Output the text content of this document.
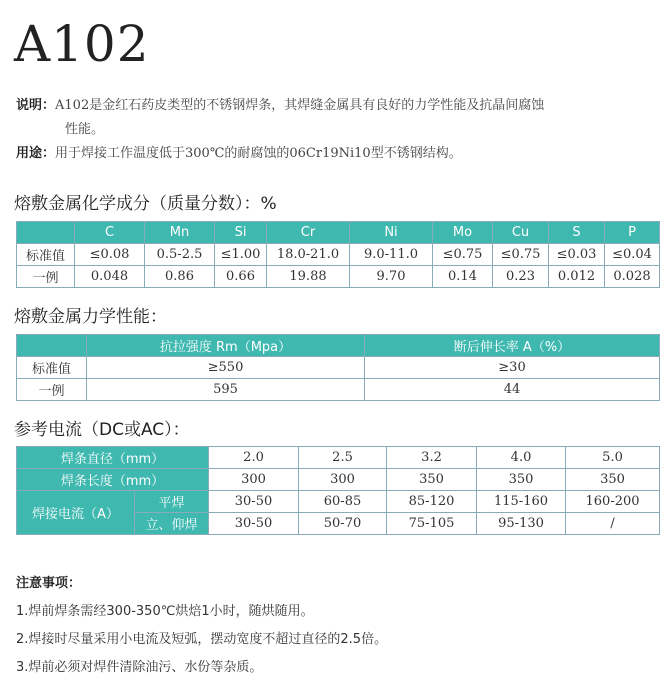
A102
说明：A102是金红石药皮类型的不锈钢焊条，其焊缝金属具有良好的力学性能及抗晶间腐蚀
性能。
用途：用于焊接工作温度低于300℃的耐腐蚀的06Cr19Ni10型不锈钢结构。
熔敷金属化学成分（质量分数）：%
	C	Mn	Si	Cr	Ni	Mo	Cu	S	P
标准值	≤0.08	0.5-2.5	≤1.00	18.0-21.0	9.0-11.0	≤0.75	≤0.75	≤0.03	≤0.04
一例	0.048	0.86	0.66	19.88	9.70	0.14	0.23	0.012	0.028
熔敷金属力学性能：
	抗拉强度 Rm（Mpa）	断后伸长率 A（%）
标准值	≥550	≥30
一例	595	44
参考电流（DC或AC）：
焊条直径（mm）		2.0	2.5	3.2	4.0	5.0
焊条长度（mm）		300	300	350	350	350
焊接电流（A）	平焊	30-50	60-85	85-120	115-160	160-200
	立、仰焊	30-50	50-70	75-105	95-130	/
注意事项：
1.焊前焊条需经300-350℃烘焙1小时，随烘随用。
2.焊接时尽量采用小电流及短弧，摆动宽度不超过直径的2.5倍。
3.焊前必须对焊件清除油污、水份等杂质。
